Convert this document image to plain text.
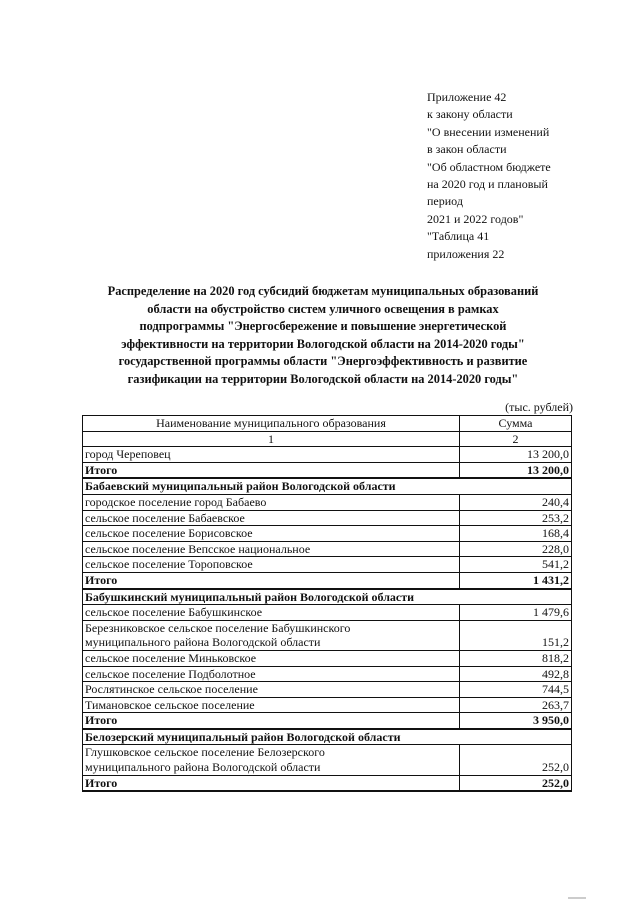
Приложение 42
к закону области
"О внесении изменений
в закон области
"Об областном бюджете
на 2020 год и плановый
период
2021 и 2022 годов"
"Таблица 41
приложения 22
Распределение на 2020 год субсидий бюджетам муниципальных образований
области на обустройство систем уличного освещения в рамках
подпрограммы "Энергосбережение и повышение энергетической
эффективности на территории Вологодской области на 2014-2020 годы"
государственной программы области "Энергоэффективность и развитие
газификации на территории Вологодской области на 2014-2020 годы"
(тыс. рублей)
Наименование муниципального образования	Сумма
1	2
город Череповец	13 200,0
Итого	13 200,0
Бабаевский муниципальный район Вологодской области	
городское поселение город Бабаево	240,4
сельское поселение Бабаевское	253,2
сельское поселение Борисовское	168,4
сельское поселение Вепсское национальное	228,0
сельское поселение Тороповское	541,2
Итого	1 431,2
Бабушкинский муниципальный район Вологодской области	
сельское поселение Бабушкинское	1 479,6

Березниковское сельское поселение Бабушкинского
муниципального района Вологодской области	151,2
сельское поселение Миньковское	818,2
сельское поселение Подболотное	492,8
Рослятинское сельское поселение	744,5
Тимановское сельское поселение	263,7
Итого	3 950,0
Белозерский муниципальный район Вологодской области	

Глушковское сельское поселение Белозерского
муниципального района Вологодской области	252,0
Итого	252,0
